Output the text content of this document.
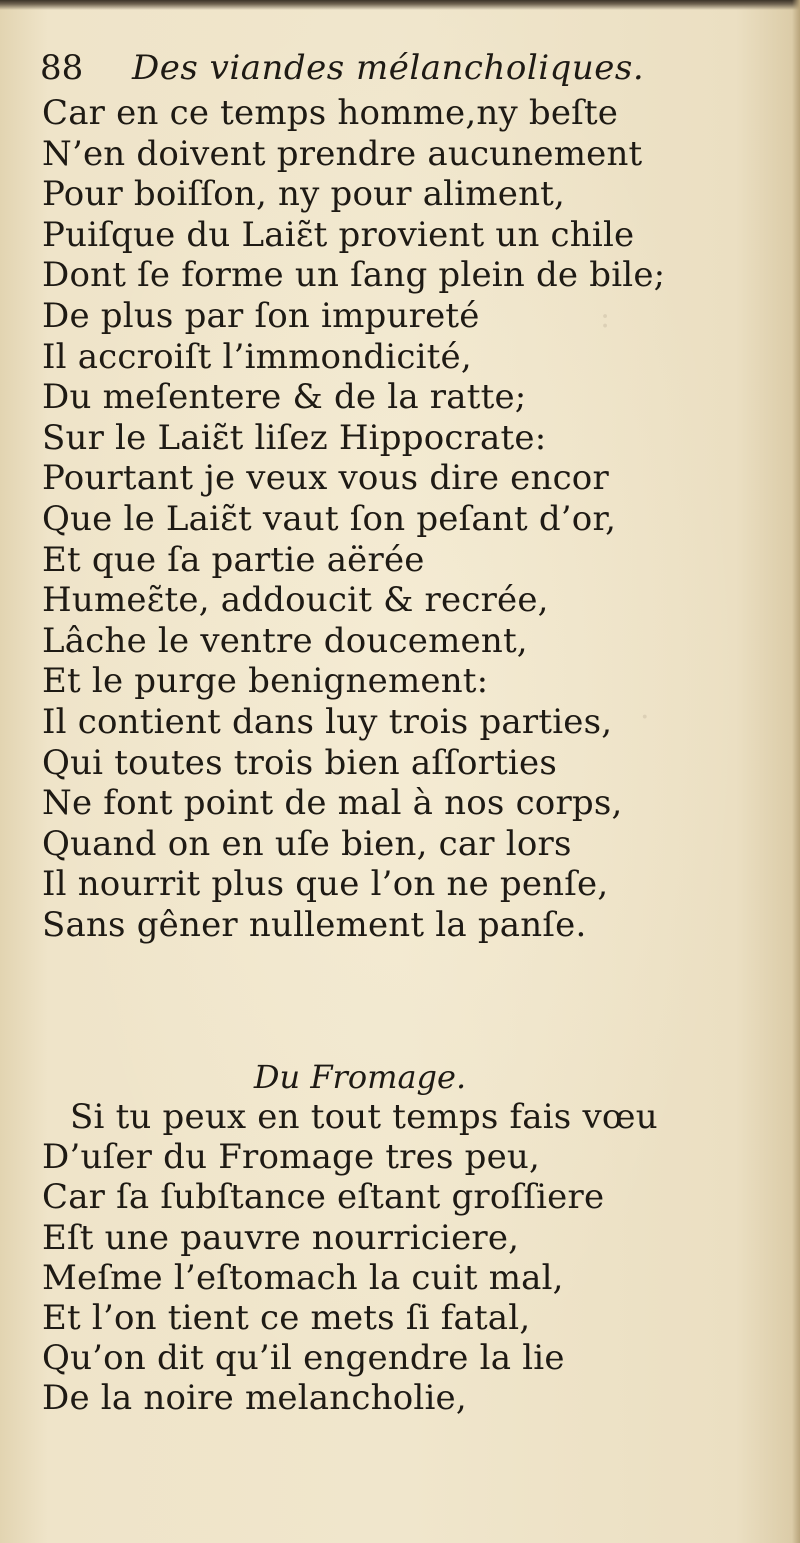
:
·
88 Des viandes mélancholiques.
Car en ce temps homme,ny beſte
N’en doivent prendre aucunement
Pour boiſſon, ny pour aliment,
Puiſque du Laiɛ̃t provient un chile
Dont ſe forme un ſang plein de bile;
De plus par ſon impureté
Il accroiſt l’immondicité,
Du meſentere & de la ratte;
Sur le Laiɛ̃t liſez Hippocrate:
Pourtant je veux vous dire encor
Que le Laiɛ̃t vaut ſon peſant d’or,
Et que ſa partie aërée
Humeɛ̃te, addoucit & recrée,
Lâche le ventre doucement,
Et le purge benignement:
Il contient dans luy trois parties,
Qui toutes trois bien aſſorties
Ne font point de mal à nos corps,
Quand on en uſe bien, car lors
Il nourrit plus que l’on ne penſe,
Sans gêner nullement la panſe.
Du Fromage.
Si tu peux en tout temps fais vœu
D’uſer du Fromage tres peu,
Car ſa ſubſtance eſtant groſſiere
Eſt une pauvre nourriciere,
Meſme l’eſtomach la cuit mal,
Et l’on tient ce mets ſi fatal,
Qu’on dit qu’il engendre la lie
De la noire melancholie,
